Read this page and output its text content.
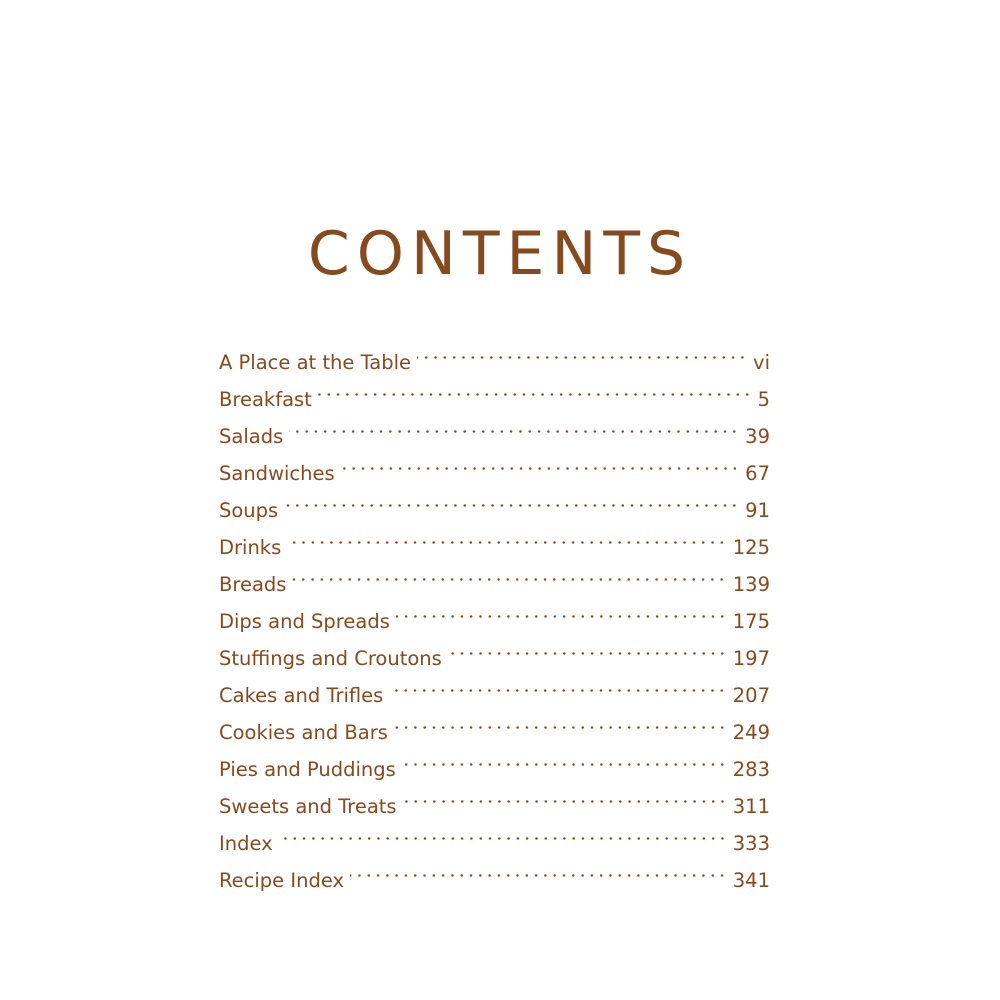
CONTENTS
A Place at the Table	vi
Breakfast	5
Salads	39
Sandwiches	67
Soups	91
Drinks	125
Breads	139
Dips and Spreads	175
Stuffings and Croutons	197
Cakes and Trifles	207
Cookies and Bars	249
Pies and Puddings	283
Sweets and Treats	311
Index	333
Recipe Index	341
